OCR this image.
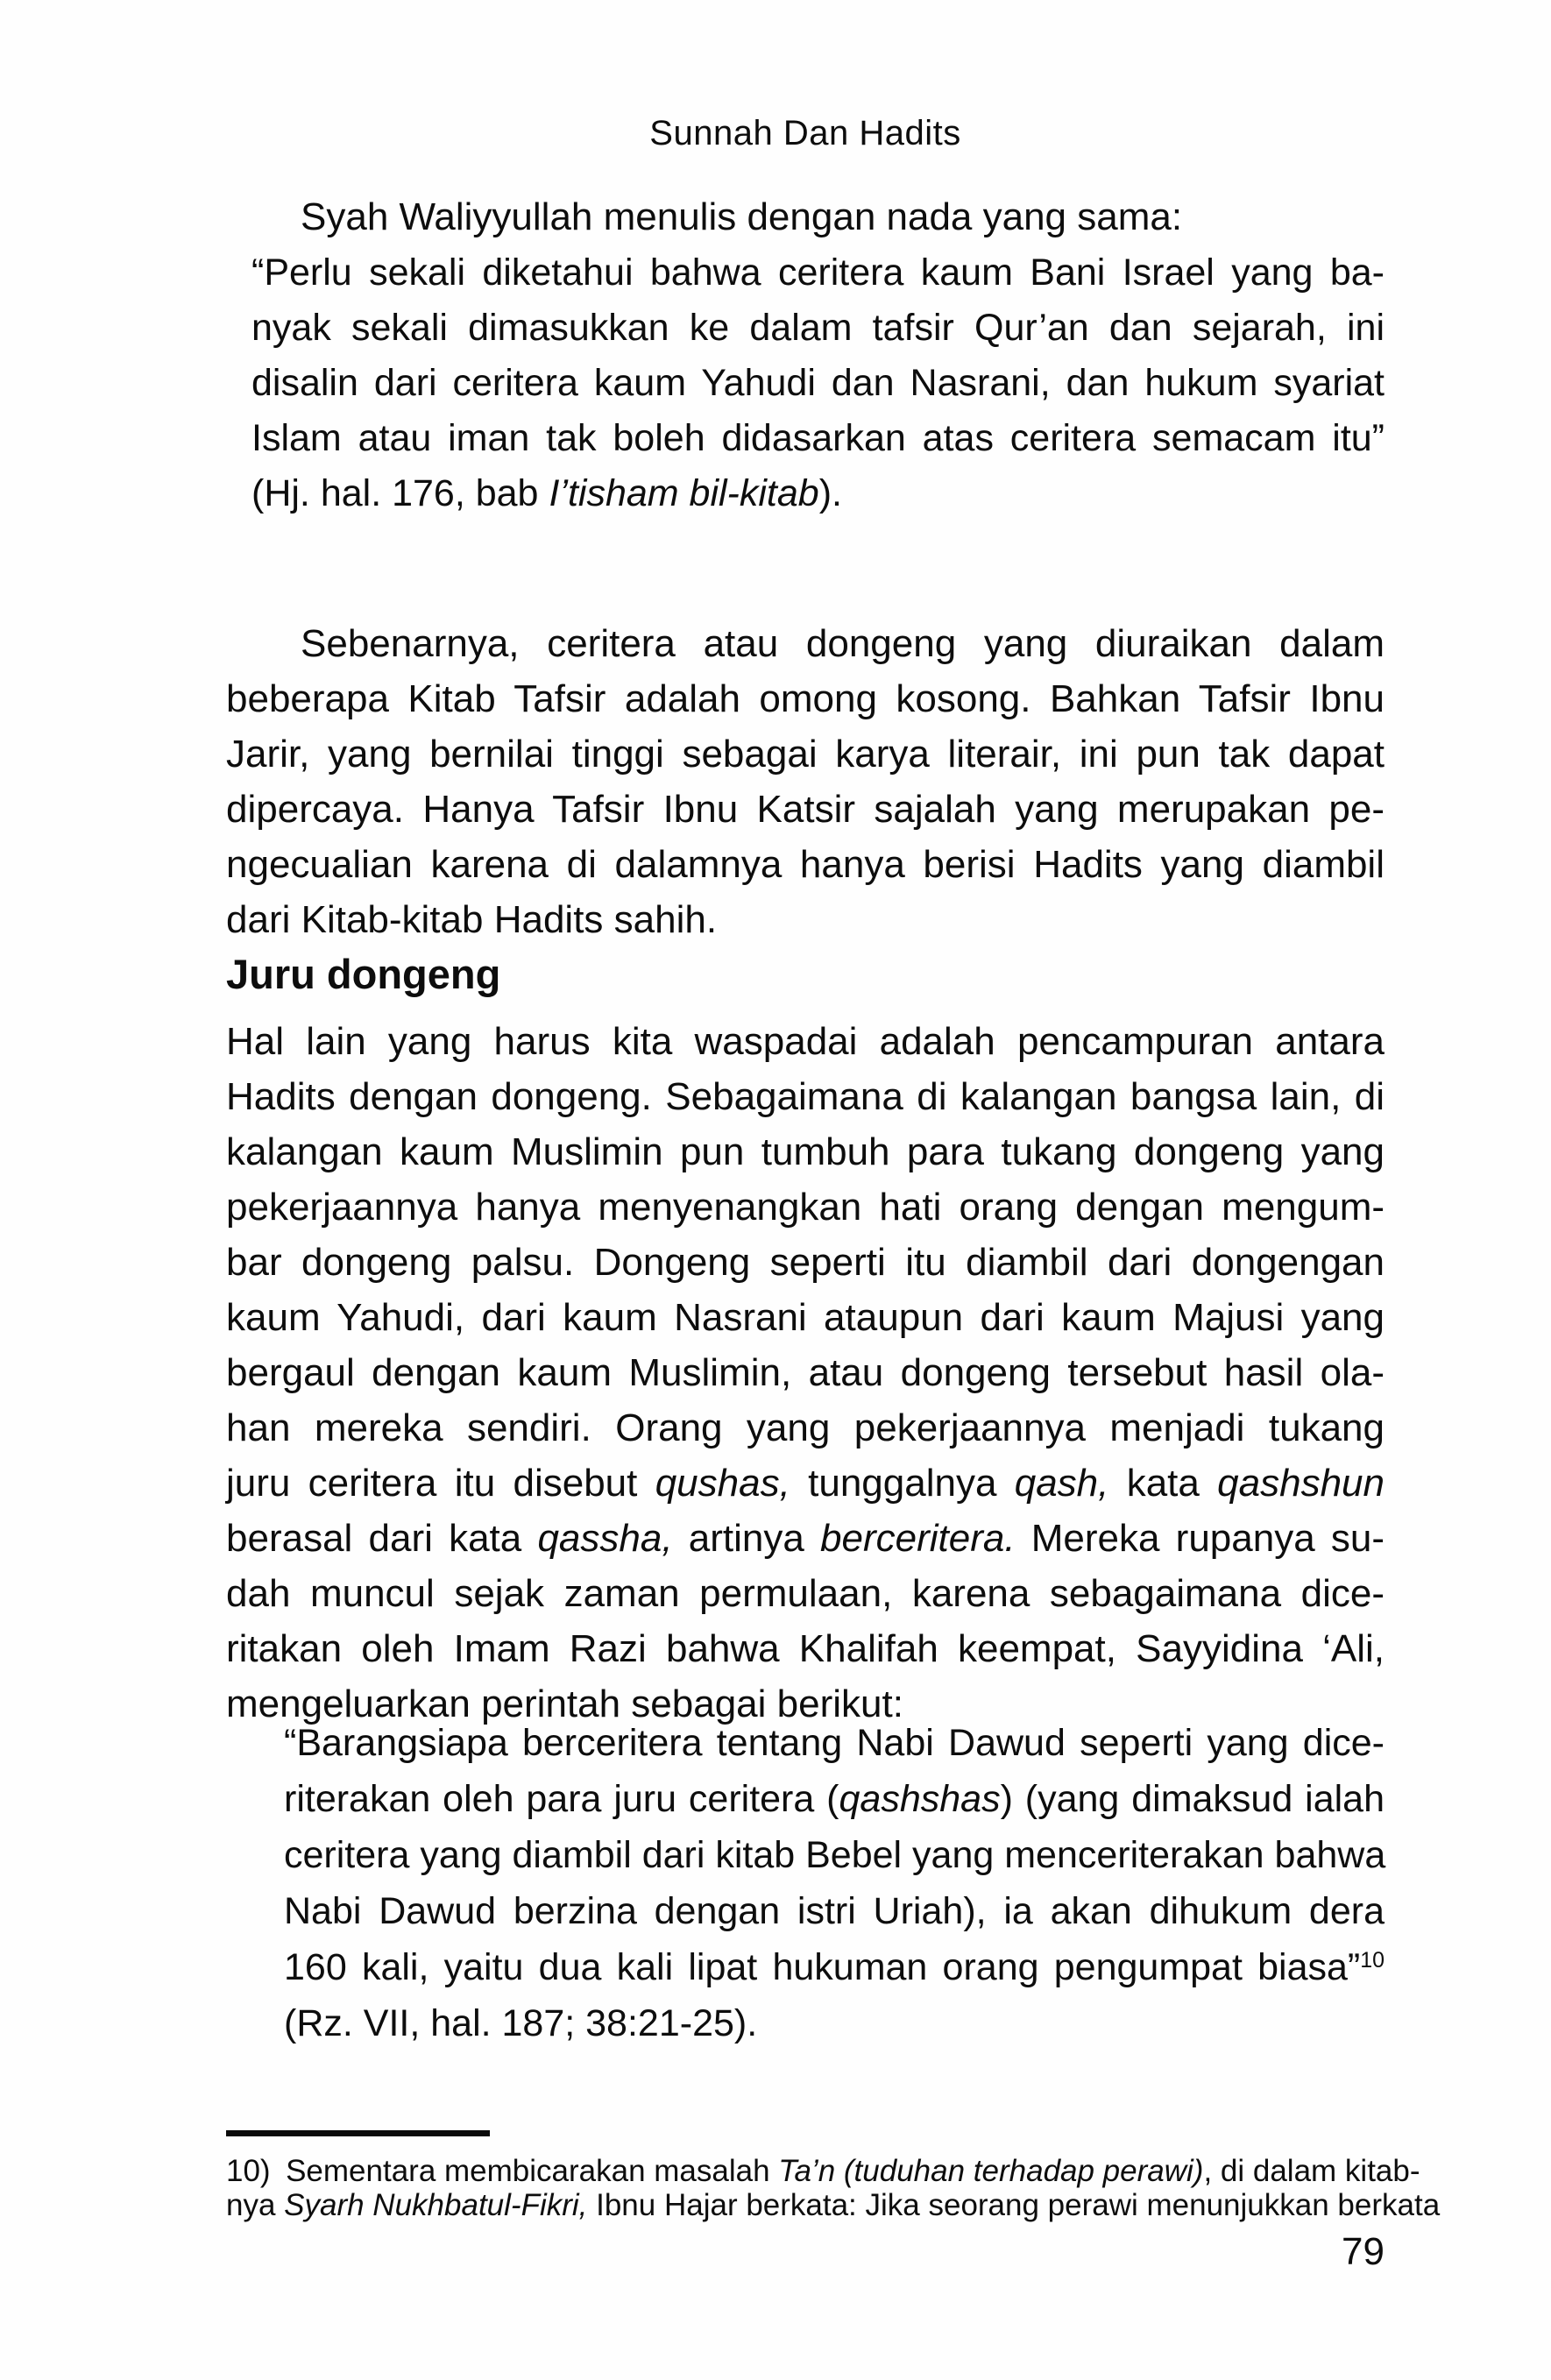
Sunnah Dan Hadits
Syah Waliyyullah menulis dengan nada yang sama:
“Perlu sekali diketahui bahwa ceritera kaum Bani Israel yang ba-
nyak sekali dimasukkan ke dalam tafsir Qur’an dan sejarah, ini
disalin dari ceritera kaum Yahudi dan Nasrani, dan hukum syariat
Islam atau iman tak boleh didasarkan atas ceritera semacam itu”
(Hj. hal. 176, bab I’tisham bil-kitab).
Sebenarnya, ceritera atau dongeng yang diuraikan dalam
beberapa Kitab Tafsir adalah omong kosong. Bahkan Tafsir Ibnu
Jarir, yang bernilai tinggi sebagai karya literair, ini pun tak dapat
dipercaya. Hanya Tafsir Ibnu Katsir sajalah yang merupakan pe-
ngecualian karena di dalamnya hanya berisi Hadits yang diambil
dari Kitab-kitab Hadits sahih.
Juru dongeng
Hal lain yang harus kita waspadai adalah pencampuran antara
Hadits dengan dongeng. Sebagaimana di kalangan bangsa lain, di
kalangan kaum Muslimin pun tumbuh para tukang dongeng yang
pekerjaannya hanya menyenangkan hati orang dengan mengum-
bar dongeng palsu. Dongeng seperti itu diambil dari dongengan
kaum Yahudi, dari kaum Nasrani ataupun dari kaum Majusi yang
bergaul dengan kaum Muslimin, atau dongeng tersebut hasil ola-
han mereka sendiri. Orang yang pekerjaannya menjadi tukang
juru ceritera itu disebut qushas, tunggalnya qash, kata qashshun
berasal dari kata qassha, artinya berceritera. Mereka rupanya su-
dah muncul sejak zaman permulaan, karena sebagaimana dice-
ritakan oleh Imam Razi bahwa Khalifah keempat, Sayyidina ‘Ali,
mengeluarkan perintah sebagai berikut:
“Barangsiapa berceritera tentang Nabi Dawud seperti yang dice-
riterakan oleh para juru ceritera (qashshas) (yang dimaksud ialah
ceritera yang diambil dari kitab Bebel yang menceriterakan bahwa
Nabi Dawud berzina dengan istri Uriah), ia akan dihukum dera
160 kali, yaitu dua kali lipat hukuman orang pengumpat biasa”$^{10}$
(Rz. VII, hal. 187; 38:21-25).
10) Sementara membicarakan masalah Ta’n (tuduhan terhadap perawi), di dalam kitab-
nya Syarh Nukhbatul-Fikri, Ibnu Hajar berkata: Jika seorang perawi menunjukkan berkata
79
